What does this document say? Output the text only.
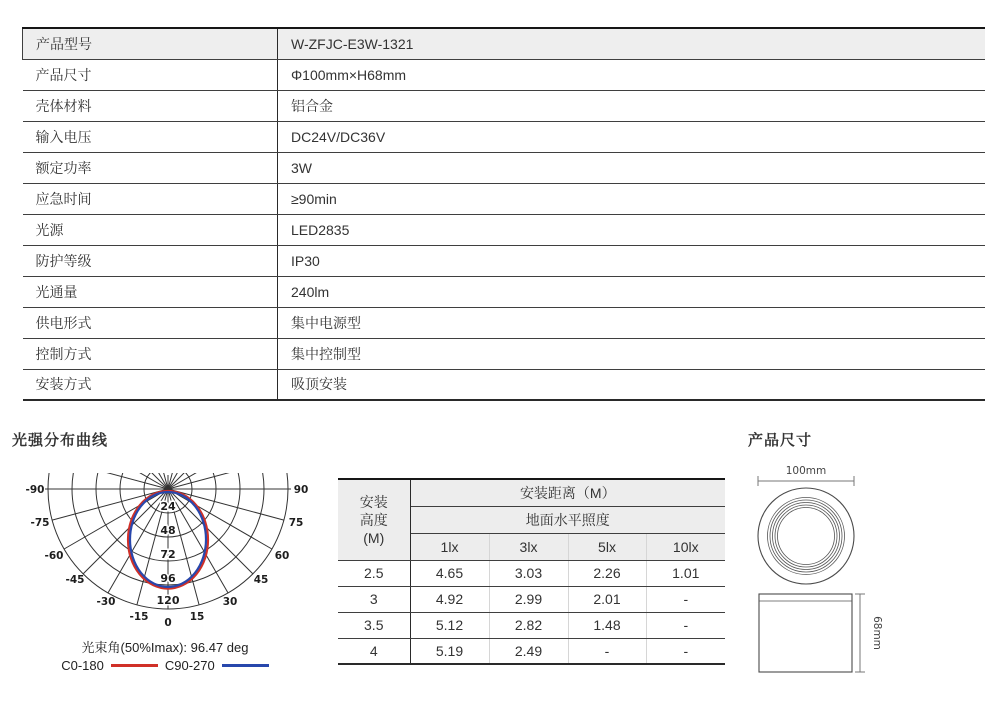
产品型号	W-ZFJC-E3W-1321
产品尺寸	Φ100mm×H68mm
壳体材料	铝合金
输入电压	DC24V/DC36V
额定功率	3W
应急时间	≥90min
光源	LED2835
防护等级	IP30
光通量	240lm
供电形式	集中电源型
控制方式	集中控制型
安装方式	吸顶安装
光强分布曲线
24
48
72
96
120
-90
-75
-60
-45
-30
-15 0 15
30
45
60
75
90
光束角(50%Imax): 96.47 deg
C0-180	C90-270
安装
高度
(M)	安装距离（M）			
	地面水平照度			
	1lx	3lx	5lx	10lx
2.5	4.65	3.03	2.26	1.01
3	4.92	2.99	2.01	-
3.5	5.12	2.82	1.48	-
4	5.19	2.49	-	-
产品尺寸
100mm
68mm
